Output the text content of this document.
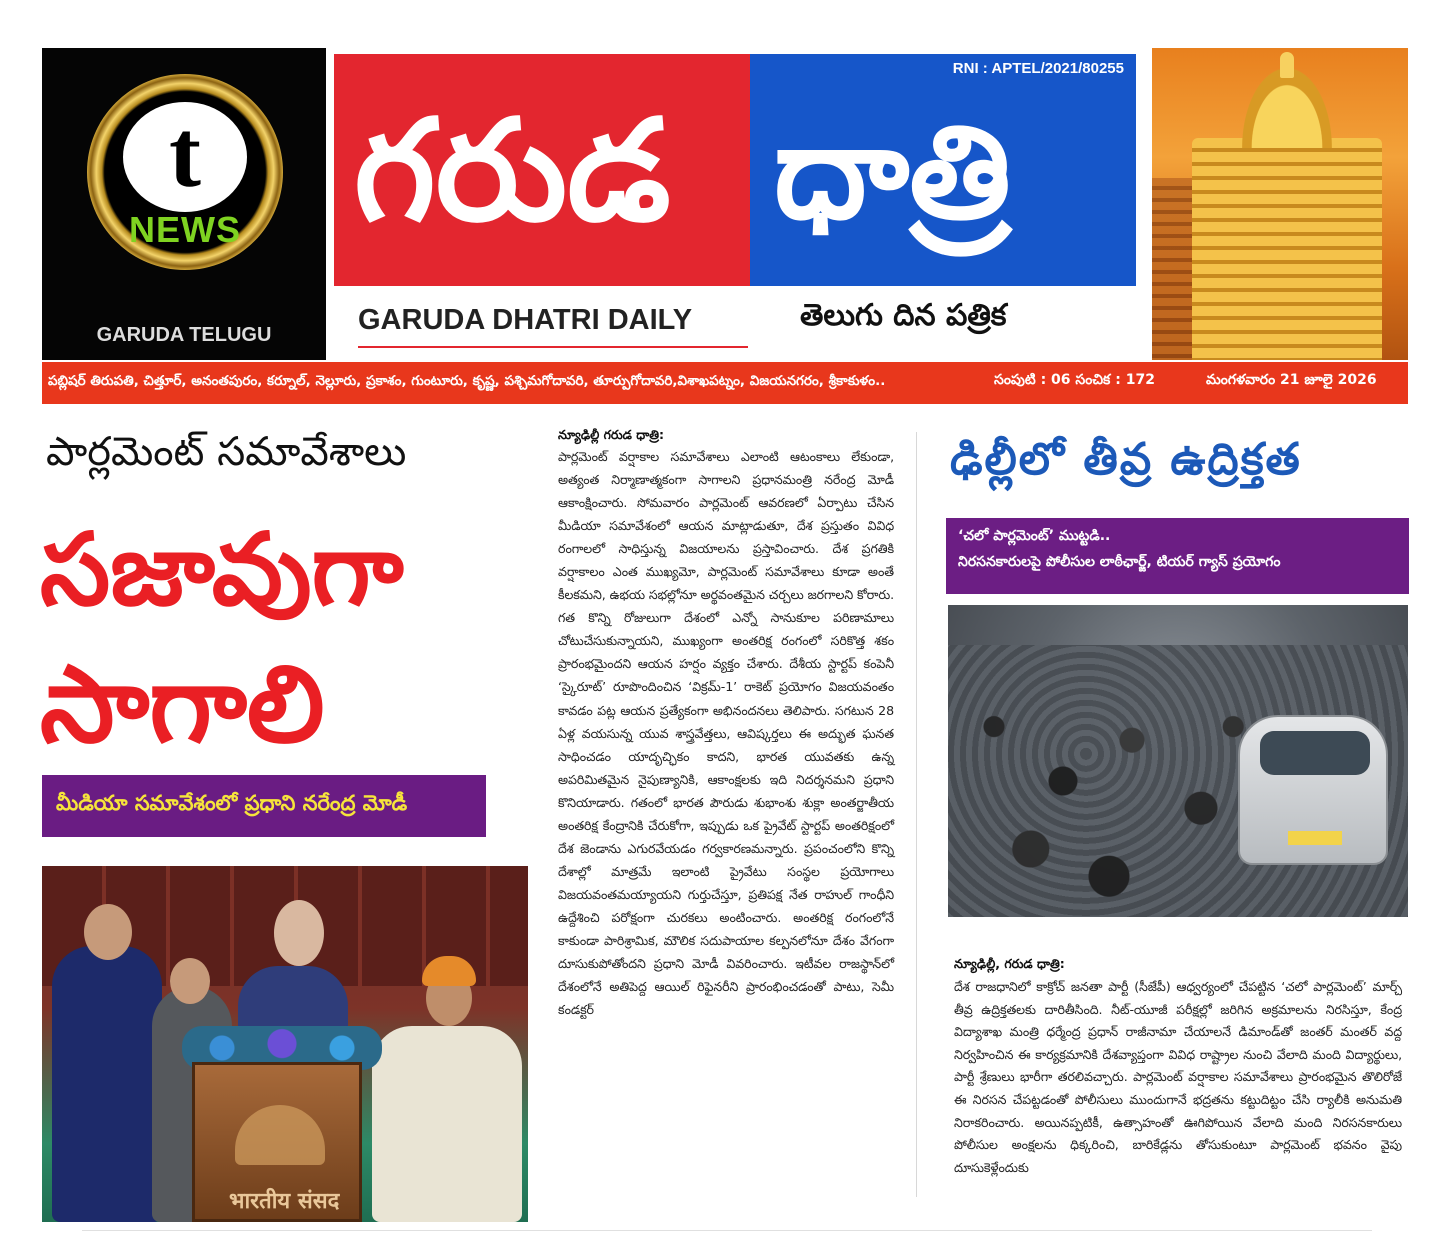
t
NEWS
GARUDA TELUGU
గరుడ
RNI : APTEL/2021/80255
ధాత్రి
GARUDA DHATRI DAILY	తెలుగు దిన పత్రిక
పబ్లిషర్ తిరుపతి, చిత్తూర్, అనంతపురం, కర్నూల్, నెల్లూరు, ప్రకాశం, గుంటూరు, కృష్ణ, పశ్చిమగోదావరి, తూర్పుగోదావరి,విశాఖపట్నం, విజయనగరం, శ్రీకాకుళం..	సంపుటి : 06 సంచిక : 172	మంగళవారం 21 జూలై 2026
పార్లమెంట్ సమావేశాలు
సజావుగా
సాగాలి
మీడియా సమావేశంలో ప్రధాని నరేంద్ర మోడీ
भारतीय संसद
న్యూఢిల్లీ గరుడ ధాత్రి:
పార్లమెంట్ వర్షాకాల సమావేశాలు ఎలాంటి ఆటంకాలు లేకుండా, అత్యంత నిర్మాణాత్మకంగా సాగాలని ప్రధానమంత్రి నరేంద్ర మోడీ ఆకాంక్షించారు. సోమవారం పార్లమెంట్ ఆవరణలో ఏర్పాటు చేసిన మీడియా సమావేశంలో ఆయన మాట్లాడుతూ, దేశ ప్రస్తుతం వివిధ రంగాలలో సాధిస్తున్న విజయాలను ప్రస్తావించారు. దేశ ప్రగతికి వర్షాకాలం ఎంత ముఖ్యమో, పార్లమెంట్ సమావేశాలు కూడా అంతే కీలకమని, ఉభయ సభల్లోనూ అర్థవంతమైన చర్చలు జరగాలని కోరారు. గత కొన్ని రోజులుగా దేశంలో ఎన్నో సానుకూల పరిణామాలు చోటుచేసుకున్నాయని, ముఖ్యంగా అంతరిక్ష రంగంలో సరికొత్త శకం ప్రారంభమైందని ఆయన హర్షం వ్యక్తం చేశారు. దేశీయ స్టార్టప్ కంపెనీ ‘స్కైరూట్’ రూపొందించిన ‘విక్రమ్-1’ రాకెట్ ప్రయోగం విజయవంతం కావడం పట్ల ఆయన ప్రత్యేకంగా అభినందనలు తెలిపారు. సగటున 28 ఏళ్ల వయసున్న యువ శాస్త్రవేత్తలు, ఆవిష్కర్తలు ఈ అద్భుత ఘనత సాధించడం యాదృచ్ఛికం కాదని, భారత యువతకు ఉన్న అపరిమితమైన నైపుణ్యానికి, ఆకాంక్షలకు ఇది నిదర్శనమని ప్రధాని కొనియాడారు. గతంలో భారత పౌరుడు శుభాంశు శుక్లా అంతర్జాతీయ అంతరిక్ష కేంద్రానికి చేరుకోగా, ఇప్పుడు ఒక ప్రైవేట్ స్టార్టప్ అంతరిక్షంలో దేశ జెండాను ఎగురవేయడం గర్వకారణమన్నారు. ప్రపంచంలోని కొన్ని దేశాల్లో మాత్రమే ఇలాంటి ప్రైవేటు సంస్థల ప్రయోగాలు విజయవంతమయ్యాయని గుర్తుచేస్తూ, ప్రతిపక్ష నేత రాహుల్ గాంధీని ఉద్దేశించి పరోక్షంగా చురకలు అంటించారు. అంతరిక్ష రంగంలోనే కాకుండా పారిశ్రామిక, మౌలిక సదుపాయాల కల్పనలోనూ దేశం వేగంగా దూసుకుపోతోందని ప్రధాని మోడీ వివరించారు. ఇటీవల రాజస్థాన్‌లో దేశంలోనే అతిపెద్ద ఆయిల్ రిఫైనరీని ప్రారంభించడంతో పాటు, సెమీ కండక్టర్
ఢిల్లీలో తీవ్ర ఉద్రిక్తత
‘చలో పార్లమెంట్’ ముట్టడి..
నిరసనకారులపై పోలీసుల లాఠీఛార్జ్, టియర్ గ్యాస్ ప్రయోగం
న్యూఢిల్లీ, గరుడ ధాత్రి:
దేశ రాజధానిలో కాక్రోచ్ జనతా పార్టీ (సీజేపీ) ఆధ్వర్యంలో చేపట్టిన ‘చలో పార్లమెంట్’ మార్చ్ తీవ్ర ఉద్రిక్తతలకు దారితీసింది. నీట్-యూజీ పరీక్షల్లో జరిగిన అక్రమాలను నిరసిస్తూ, కేంద్ర విద్యాశాఖ మంత్రి ధర్మేంద్ర ప్రధాన్ రాజీనామా చేయాలనే డిమాండ్‌తో జంతర్ మంతర్ వద్ద నిర్వహించిన ఈ కార్యక్రమానికి దేశవ్యాప్తంగా వివిధ రాష్ట్రాల నుంచి వేలాది మంది విద్యార్థులు, పార్టీ శ్రేణులు భారీగా తరలివచ్చారు. పార్లమెంట్ వర్షాకాల సమావేశాలు ప్రారంభమైన తొలిరోజే ఈ నిరసన చేపట్టడంతో పోలీసులు ముందుగానే భద్రతను కట్టుదిట్టం చేసి ర్యాలీకి అనుమతి నిరాకరించారు. అయినప్పటికీ, ఉత్సాహంతో ఊగిపోయిన వేలాది మంది నిరసనకారులు పోలీసుల అంక్షలను ధిక్కరించి, బారికేడ్లను తోసుకుంటూ పార్లమెంట్ భవనం వైపు దూసుకెళ్లేందుకు
